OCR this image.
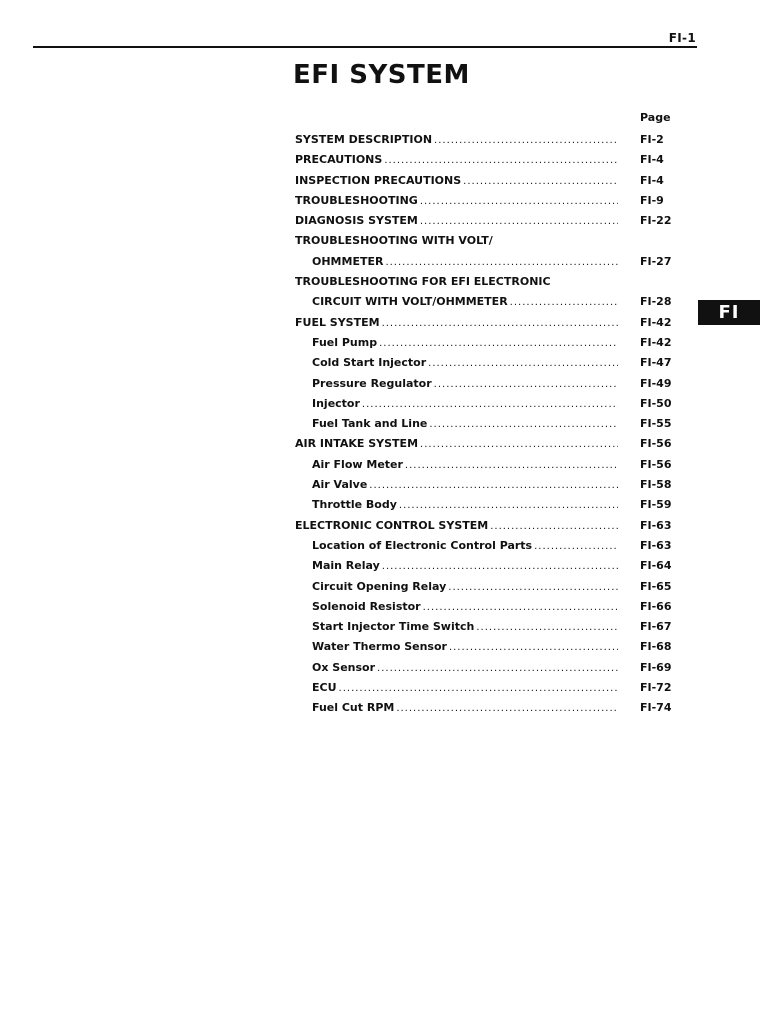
FI-1
EFI SYSTEM
Page
SYSTEM DESCRIPTION .....	FI-2
PRECAUTIONS .....	FI-4
INSPECTION PRECAUTIONS .....	FI-4
TROUBLESHOOTING .....	FI-9
DIAGNOSIS SYSTEM .....	FI-22
TROUBLESHOOTING WITH VOLT/
OHMMETER .....	FI-27
TROUBLESHOOTING FOR EFI ELECTRONIC
CIRCUIT WITH VOLT/OHMMETER .....	FI-28
FUEL SYSTEM .....	FI-42
Fuel Pump .....	FI-42
Cold Start Injector .....	FI-47
Pressure Regulator .....	FI-49
Injector .....	FI-50
Fuel Tank and Line .....	FI-55
AIR INTAKE SYSTEM .....	FI-56
Air Flow Meter .....	FI-56
Air Valve .....	FI-58
Throttle Body .....	FI-59
ELECTRONIC CONTROL SYSTEM .....	FI-63
Location of Electronic Control Parts .....	FI-63
Main Relay .....	FI-64
Circuit Opening Relay .....	FI-65
Solenoid Resistor .....	FI-66
Start Injector Time Switch .....	FI-67
Water Thermo Sensor .....	FI-68
Ox Sensor .....	FI-69
ECU .....	FI-72
Fuel Cut RPM .....	FI-74
FI
